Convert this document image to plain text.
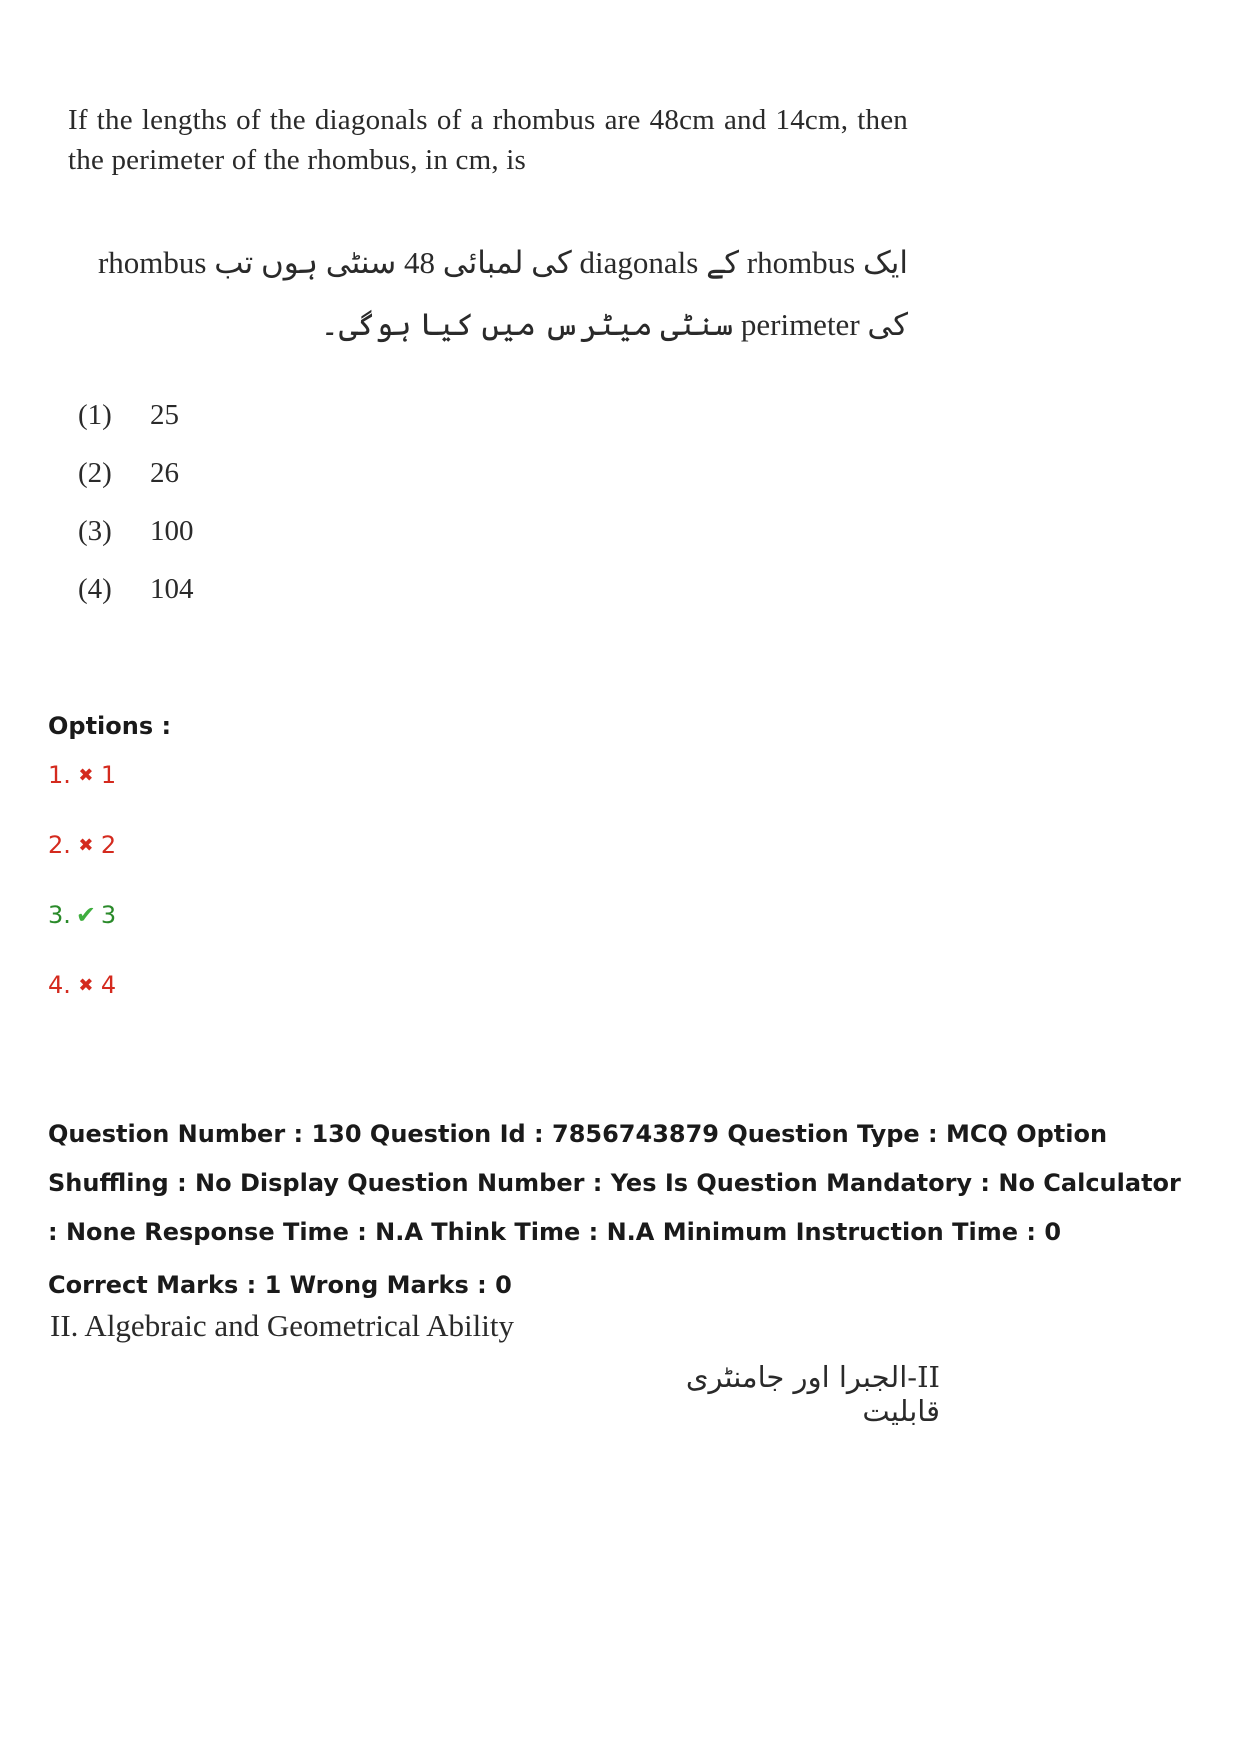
If the lengths of the diagonals of a rhombus are 48cm and 14cm, then the perimeter of the rhombus, in cm, is
ایک rhombus کے diagonals کی لمبائی 48 سنٹی ہوں تب rhombus کی perimeter سنٹی میٹرس میں کیا ہوگی۔
(1)	25
(2)	26
(3)	100
(4)	104
Options :
1. ✖ 1
2. ✖ 2
3. ✔ 3
4. ✖ 4
Question Number : 130 Question Id : 7856743879 Question Type : MCQ Option Shuffling : No Display Question Number : Yes Is Question Mandatory : No Calculator : None Response Time : N.A Think Time : N.A Minimum Instruction Time : 0
Correct Marks : 1 Wrong Marks : 0
II. Algebraic and Geometrical Ability
II-الجبرا اور جامنٹری قابلیت
